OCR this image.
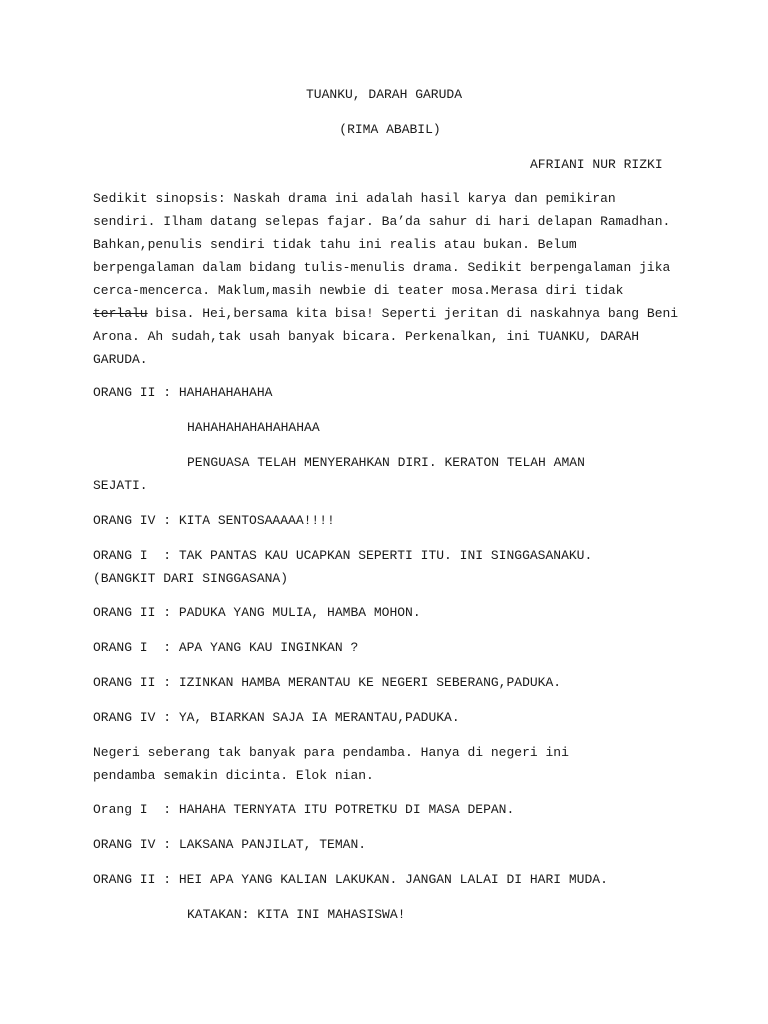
TUANKU, DARAH GARUDA
(RIMA ABABIL)
AFRIANI NUR RIZKI
Sedikit sinopsis: Naskah drama ini adalah hasil karya dan pemikiran sendiri. Ilham datang selepas fajar. Ba’da sahur di hari delapan Ramadhan. Bahkan,penulis sendiri tidak tahu ini realis atau bukan. Belum berpengalaman dalam bidang tulis-menulis drama. Sedikit berpengalaman jika cerca-mencerca. Maklum,masih newbie di teater mosa.Merasa diri tidak terlalu bisa. Hei,bersama kita bisa! Seperti jeritan di naskahnya bang Beni Arona. Ah sudah,tak usah banyak bicara. Perkenalkan, ini TUANKU, DARAH GARUDA.
ORANG II : HAHAHAHAHAHA
HAHAHAHAHAHAHAHAA
PENGUASA TELAH MENYERAHKAN DIRI. KERATON TELAH AMAN
SEJATI.
ORANG IV : KITA SENTOSAAAAA!!!!
ORANG I  : TAK PANTAS KAU UCAPKAN SEPERTI ITU. INI SINGGASANAKU.
(BANGKIT DARI SINGGASANA)
ORANG II : PADUKA YANG MULIA, HAMBA MOHON.
ORANG I  : APA YANG KAU INGINKAN ?
ORANG II : IZINKAN HAMBA MERANTAU KE NEGERI SEBERANG,PADUKA.
ORANG IV : YA, BIARKAN SAJA IA MERANTAU,PADUKA.
Negeri seberang tak banyak para pendamba. Hanya di negeri ini
pendamba semakin dicinta. Elok nian.
Orang I  : HAHAHA TERNYATA ITU POTRETKU DI MASA DEPAN.
ORANG IV : LAKSANA PANJILAT, TEMAN.
ORANG II : HEI APA YANG KALIAN LAKUKAN. JANGAN LALAI DI HARI MUDA.
KATAKAN: KITA INI MAHASISWA!
